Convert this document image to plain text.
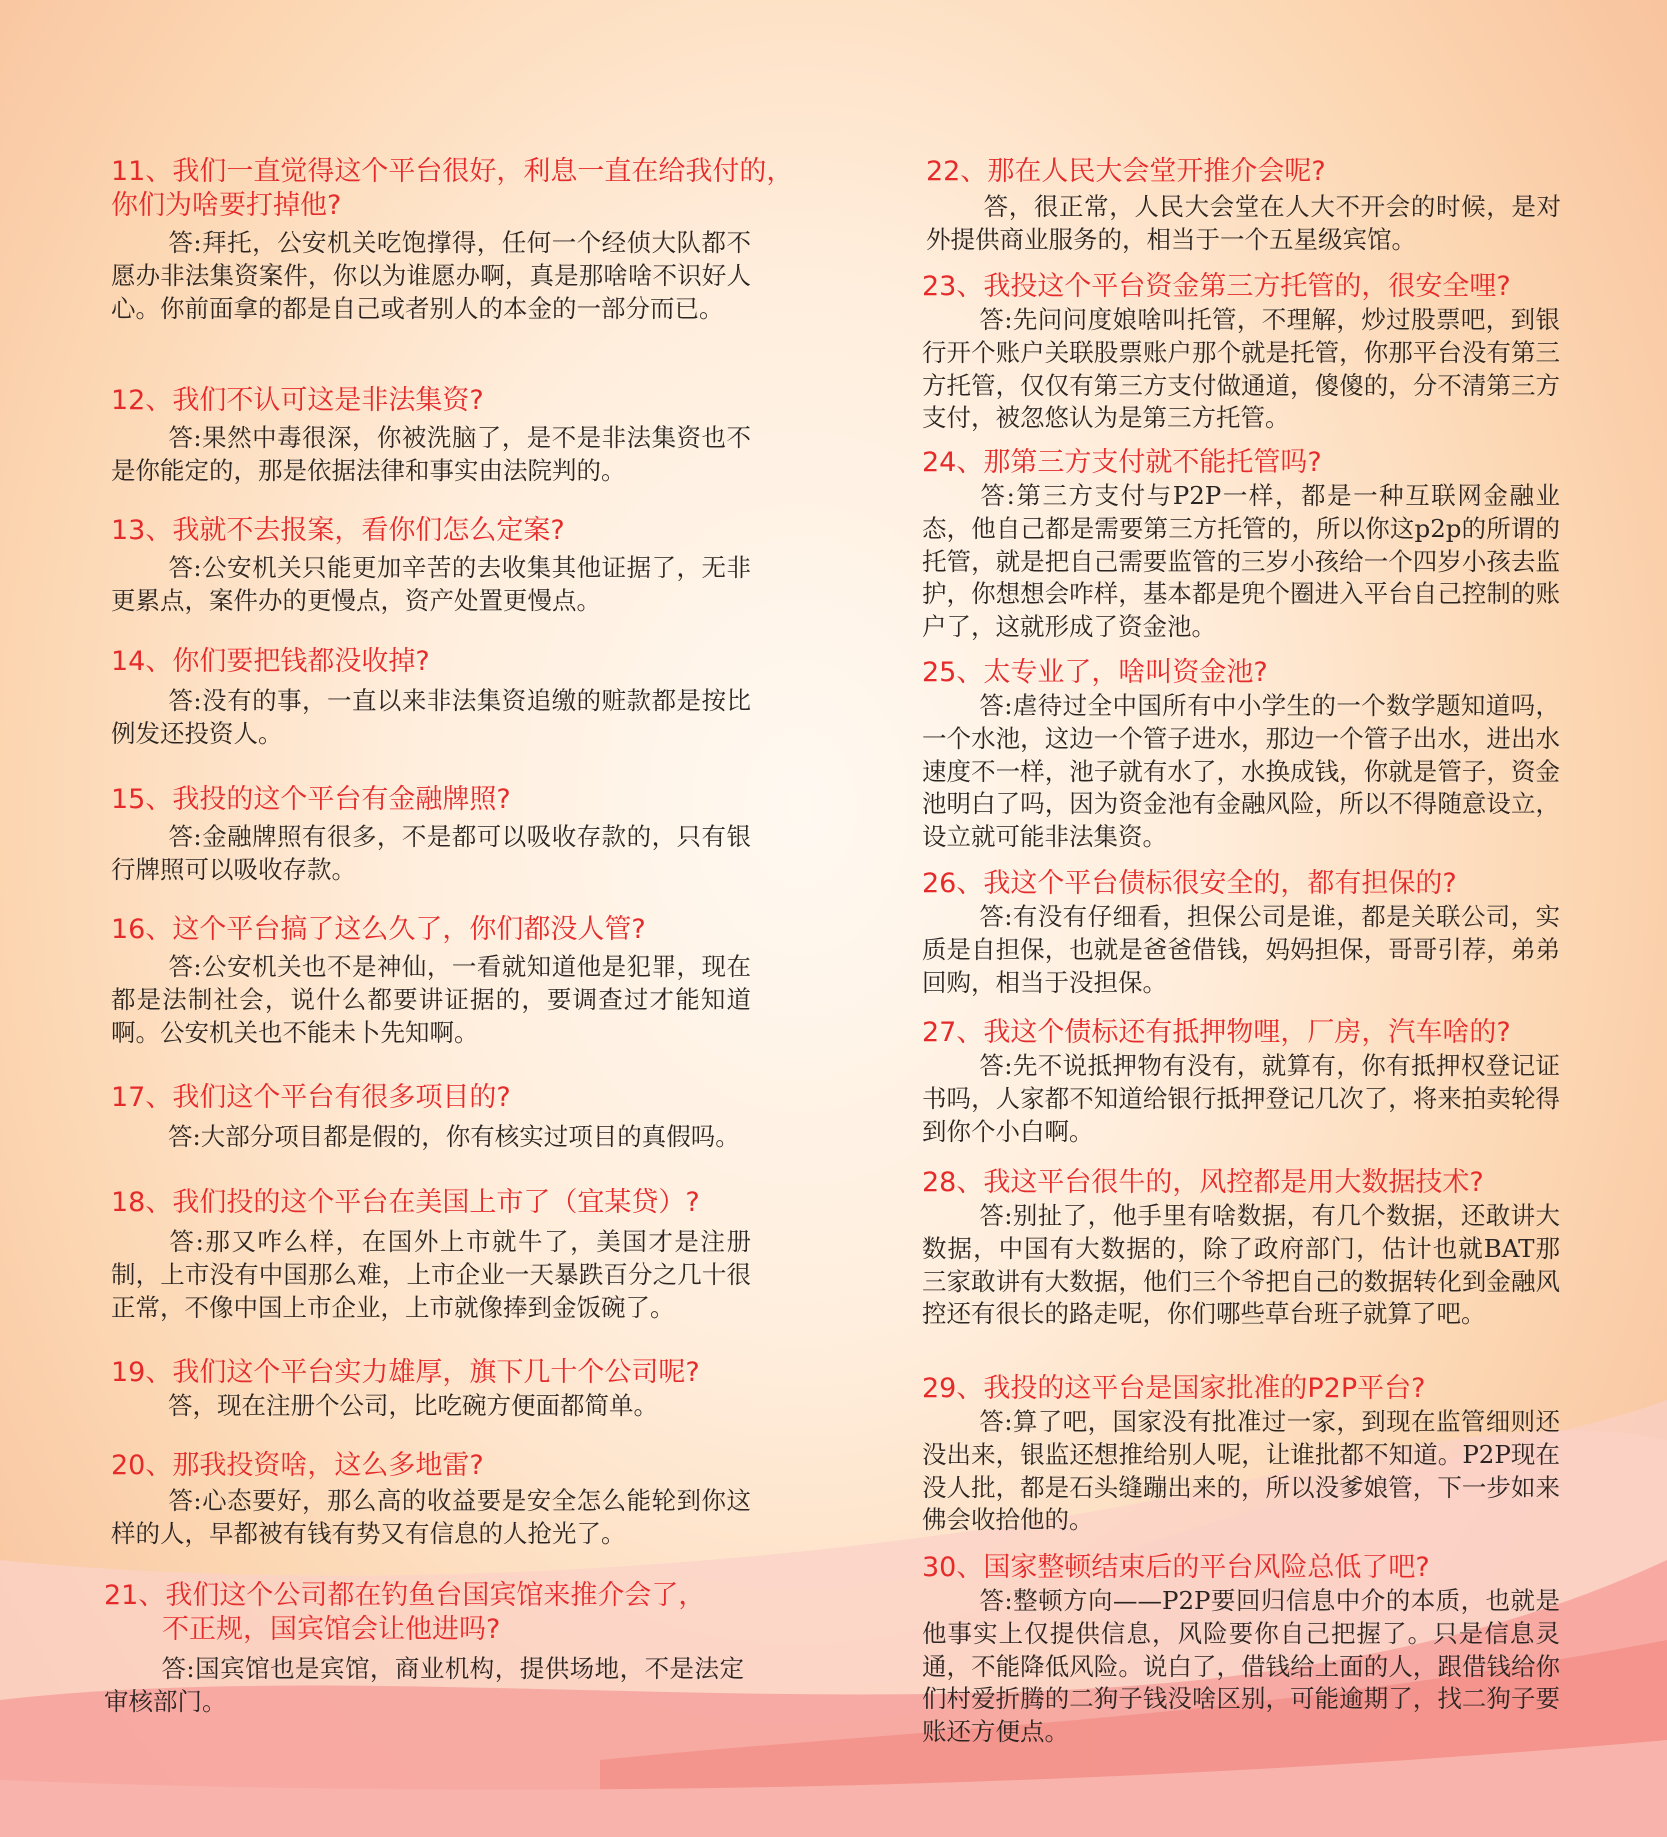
11、我们一直觉得这个平台很好，利息一直在给我付的，
你们为啥要打掉他?

答:拜托，公安机关吃饱撑得，任何一个经侦大队都不愿办非法集资案件，你以为谁愿办啊，真是那啥啥不识好人心。你前面拿的都是自己或者别人的本金的一部分而已。

12、我们不认可这是非法集资?

答:果然中毒很深，你被洗脑了，是不是非法集资也不是你能定的，那是依据法律和事实由法院判的。

13、我就不去报案，看你们怎么定案?

答:公安机关只能更加辛苦的去收集其他证据了，无非更累点，案件办的更慢点，资产处置更慢点。

14、你们要把钱都没收掉?

答:没有的事，一直以来非法集资追缴的赃款都是按比例发还投资人。

15、我投的这个平台有金融牌照?

答:金融牌照有很多，不是都可以吸收存款的，只有银行牌照可以吸收存款。

16、这个平台搞了这么久了，你们都没人管?

答:公安机关也不是神仙，一看就知道他是犯罪，现在都是法制社会，说什么都要讲证据的，要调查过才能知道啊。公安机关也不能未卜先知啊。

17、我们这个平台有很多项目的?

答:大部分项目都是假的，你有核实过项目的真假吗。

18、我们投的这个平台在美国上市了（宜某贷）?

答:那又咋么样，在国外上市就牛了，美国才是注册制，上市没有中国那么难，上市企业一天暴跌百分之几十很正常，不像中国上市企业，上市就像捧到金饭碗了。

19、我们这个平台实力雄厚，旗下几十个公司呢?

答，现在注册个公司，比吃碗方便面都简单。

20、那我投资啥，这么多地雷?

答:心态要好，那么高的收益要是安全怎么能轮到你这样的人，早都被有钱有势又有信息的人抢光了。

21、我们这个公司都在钓鱼台国宾馆来推介会了，
不正规，国宾馆会让他进吗?

答:国宾馆也是宾馆，商业机构，提供场地，不是法定审核部门。

22、那在人民大会堂开推介会呢?

答，很正常，人民大会堂在人大不开会的时候，是对外提供商业服务的，相当于一个五星级宾馆。

23、我投这个平台资金第三方托管的，很安全哩?

答:先问问度娘啥叫托管，不理解，炒过股票吧，到银行开个账户关联股票账户那个就是托管，你那平台没有第三方托管，仅仅有第三方支付做通道，傻傻的，分不清第三方支付，被忽悠认为是第三方托管。

24、那第三方支付就不能托管吗?

答:第三方支付与P2P一样，都是一种互联网金融业态，他自己都是需要第三方托管的，所以你这p2p的所谓的托管，就是把自己需要监管的三岁小孩给一个四岁小孩去监护，你想想会咋样，基本都是兜个圈进入平台自己控制的账户了，这就形成了资金池。

25、太专业了，啥叫资金池?

答:虐待过全中国所有中小学生的一个数学题知道吗，一个水池，这边一个管子进水，那边一个管子出水，进出水速度不一样，池子就有水了，水换成钱，你就是管子，资金池明白了吗，因为资金池有金融风险，所以不得随意设立，设立就可能非法集资。

26、我这个平台债标很安全的，都有担保的?

答:有没有仔细看，担保公司是谁，都是关联公司，实质是自担保，也就是爸爸借钱，妈妈担保，哥哥引荐，弟弟回购，相当于没担保。

27、我这个债标还有抵押物哩，厂房，汽车啥的?

答:先不说抵押物有没有，就算有，你有抵押权登记证书吗，人家都不知道给银行抵押登记几次了，将来拍卖轮得到你个小白啊。

28、我这平台很牛的，风控都是用大数据技术?

答:别扯了，他手里有啥数据，有几个数据，还敢讲大数据，中国有大数据的，除了政府部门，估计也就BAT那三家敢讲有大数据，他们三个爷把自己的数据转化到金融风控还有很长的路走呢，你们哪些草台班子就算了吧。

29、我投的这平台是国家批准的P2P平台?

答:算了吧，国家没有批准过一家，到现在监管细则还没出来，银监还想推给别人呢，让谁批都不知道。P2P现在没人批，都是石头缝蹦出来的，所以没爹娘管，下一步如来佛会收拾他的。

30、国家整顿结束后的平台风险总低了吧?

答:整顿方向——P2P要回归信息中介的本质，也就是他事实上仅提供信息，风险要你自己把握了。只是信息灵通，不能降低风险。说白了，借钱给上面的人，跟借钱给你们村爱折腾的二狗子钱没啥区别，可能逾期了，找二狗子要账还方便点。
